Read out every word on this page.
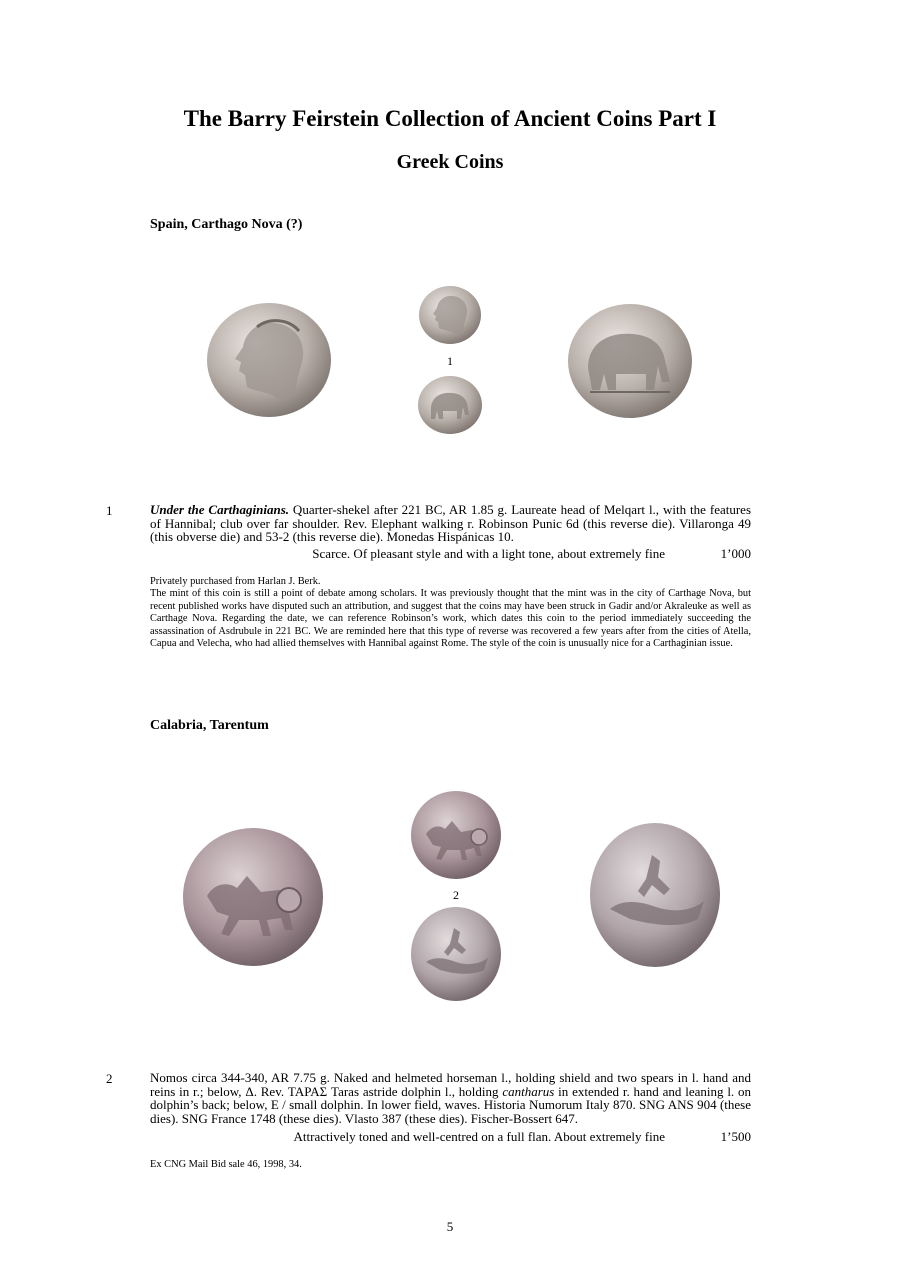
The Barry Feirstein Collection of Ancient Coins Part I
Greek Coins
Spain, Carthago Nova (?)
1
1	Under the Carthaginians. Quarter-shekel after 221 BC, AR 1.85 g. Laureate head of Melqart l., with the features of Hannibal; club over far shoulder. Rev. Elephant walking r. Robinson Punic 6d (this reverse die). Villaronga 49 (this obverse die) and 53-2 (this reverse die). Monedas Hispánicas 10.
Scarce. Of pleasant style and with a light tone, about extremely fine	1’000

Privately purchased from Harlan J. Berk.

The mint of this coin is still a point of debate among scholars. It was previously thought that the mint was in the city of Carthage Nova, but recent published works have disputed such an attribution, and suggest that the coins may have been struck in Gadir and/or Akraleuke as well as Carthage Nova. Regarding the date, we can reference Robinson’s work, which dates this coin to the period immediately succeeding the assassination of Asdrubule in 221 BC. We are reminded here that this type of reverse was recovered a few years after from the cities of Atella, Capua and Velecha, who had allied themselves with Hannibal against Rome. The style of the coin is unusually nice for a Carthaginian issue.

Calabria, Tarentum
2
2	Nomos circa 344-340, AR 7.75 g. Naked and helmeted horseman l., holding shield and two spears in l. hand and reins in r.; below, Δ. Rev. ΤΑΡΑΣ Taras astride dolphin l., holding cantharus in extended r. hand and leaning l. on dolphin’s back; below, E / small dolphin. In lower field, waves. Historia Numorum Italy 870. SNG ANS 904 (these dies). SNG France 1748 (these dies). Vlasto 387 (these dies). Fischer-Bossert 647.
Attractively toned and well-centred on a full flan. About extremely fine	1’500

Ex CNG Mail Bid sale 46, 1998, 34.

5
